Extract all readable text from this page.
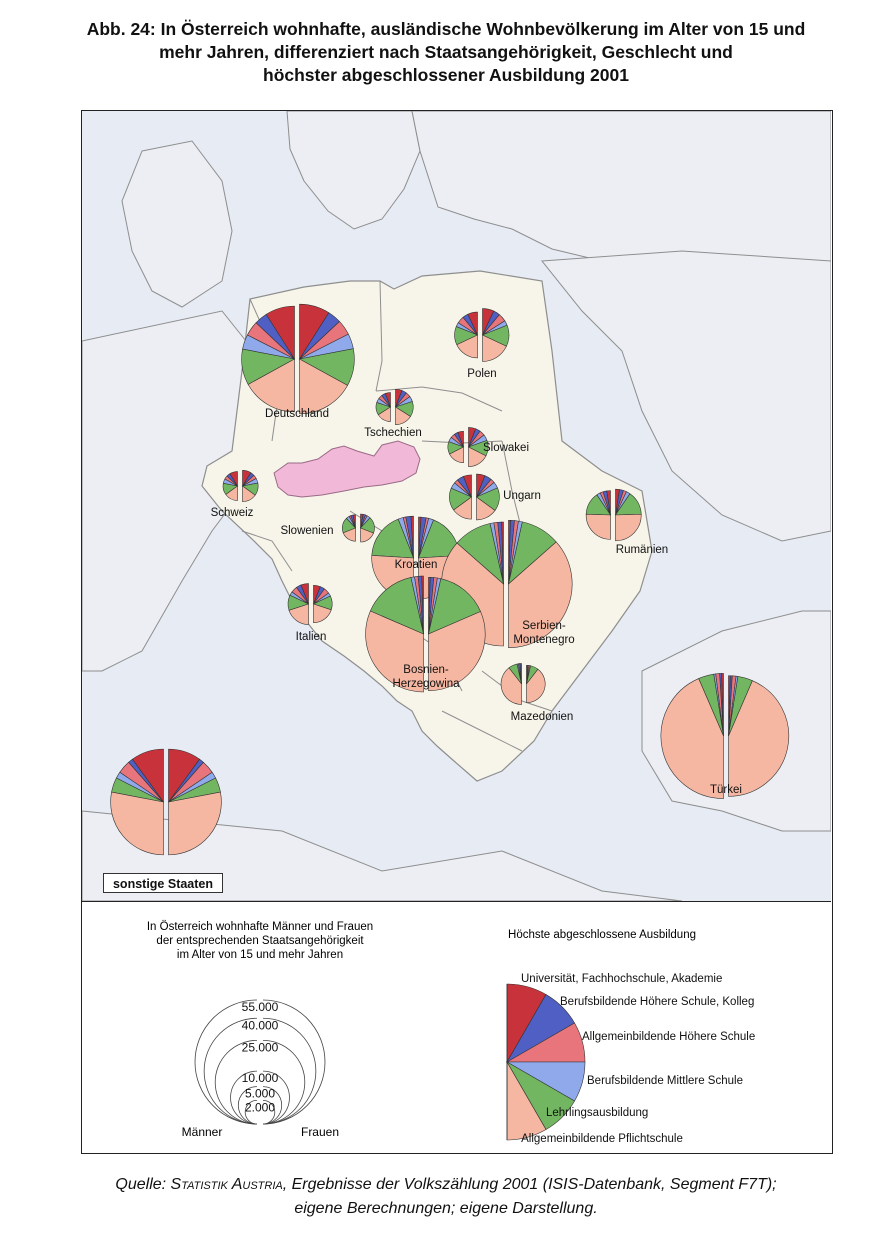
Abb. 24: In Österreich wohnhafte, ausländische Wohnbevölkerung im Alter von 15 und
mehr Jahren, differenziert nach Staatsangehörigkeit, Geschlecht und
höchster abgeschlossener Ausbildung 2001
Deutschland
Polen
Tschechien
Slowakei
Ungarn
Schweiz
Slowenien
Kroatien
Rumänien
Serbien-
Montenegro
Italien
Bosnien-
Herzegowina
Mazedonien
Türkei
sonstige Staaten
In Österreich wohnhafte Männer und Frauen
der entsprechenden Staatsangehörigkeit
im Alter von 15 und mehr Jahren
55.000
40.000
25.000
10.000
5.000
2.000
Männer	Frauen
Höchste abgeschlossene Ausbildung
Universität, Fachhochschule, Akademie
Berufsbildende Höhere Schule, Kolleg
Allgemeinbildende Höhere Schule
Berufsbildende Mittlere Schule
Lehrlingsausbildung
Allgemeinbildende Pflichtschule
Quelle: Statistik Austria, Ergebnisse der Volkszählung 2001 (ISIS-Datenbank, Segment F7T);
eigene Berechnungen; eigene Darstellung.
